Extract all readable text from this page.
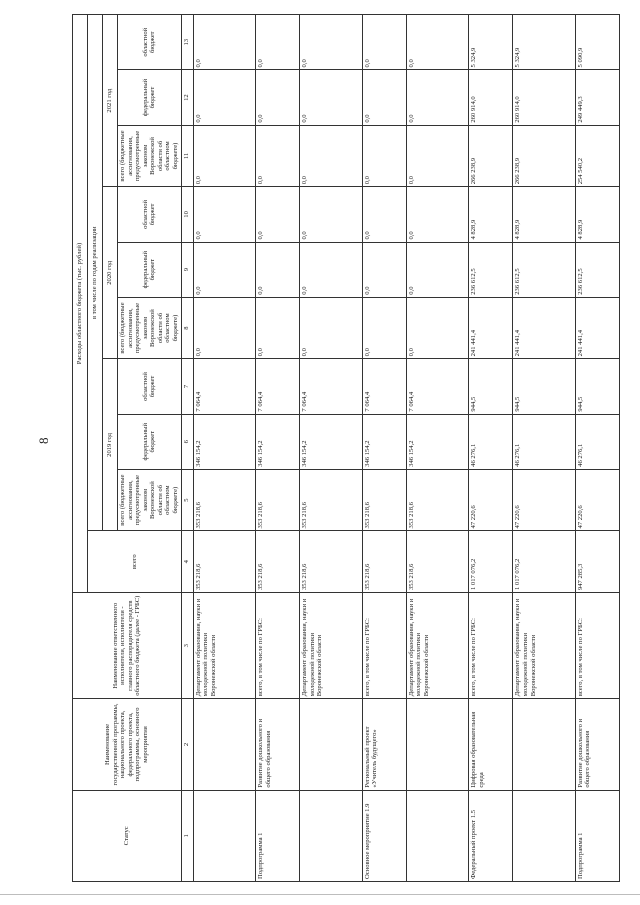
8
Статус	Наименование государственной программы, национального проекта, федерального проекта, подпрограммы, основного мероприятия	Наименование ответственного исполнителя, исполнителя - главного распорядителя средств областного бюджета (далее - ГРБС)	Расходы областного бюджета (тыс. рублей)									
			всего	в том числе по годам реализации								
				2019 год			2020 год			2021 год		
				всего (бюджетные ассигнования, предусмотренные законом Воронежской области об областном бюджете)	федеральный бюджет	областной бюджет	всего (бюджетные ассигнования, предусмотренные законом Воронежской области об областном бюджете)	федеральный бюджет	областной бюджет	всего (бюджетные ассигнования, предусмотренные законом Воронежской области об областном бюджете)	федеральный бюджет	областной бюджет
1	2	3	4	5	6	7	8	9	10	11	12	13
		Департамент образования, науки и молодежной политики Воронежской области	353 218,6	353 218,6	346 154,2	7 064,4	0,0	0,0	0,0	0,0	0,0	0,0
Подпрограмма 1	Развитие дошкольного и общего образования	всего, в том числе по ГРБС:	353 218,6	353 218,6	346 154,2	7 064,4	0,0	0,0	0,0	0,0	0,0	0,0
		Департамент образования, науки и молодежной политики Воронежской области	353 218,6	353 218,6	346 154,2	7 064,4	0,0	0,0	0,0	0,0	0,0	0,0
Основное мероприятие 1.9	Региональный проект «Учитель будущего»	всего, в том числе по ГРБС:	353 218,6	353 218,6	346 154,2	7 064,4	0,0	0,0	0,0	0,0	0,0	0,0
		Департамент образования, науки и молодежной политики Воронежской области	353 218,6	353 218,6	346 154,2	7 064,4	0,0	0,0	0,0	0,0	0,0	0,0
Федеральный проект 1.5	Цифровая образовательная среда	всего, в том числе по ГРБС:	1 017 076,2	47 220,6	46 276,1	944,5	241 441,4	236 612,5	4 828,9	266 238,9	260 914,0	5 324,9
		Департамент образования, науки и молодежной политики Воронежской области	1 017 076,2	47 220,6	46 276,1	944,5	241 441,4	236 612,5	4 828,9	266 238,9	260 914,0	5 324,9
Подпрограмма 1	Развитие дошкольного и общего образования	всего, в том числе по ГРБС:	947 285,3	47 220,6	46 276,1	944,5	241 441,4	236 612,5	4 828,9	254 540,2	249 449,3	5 090,9
